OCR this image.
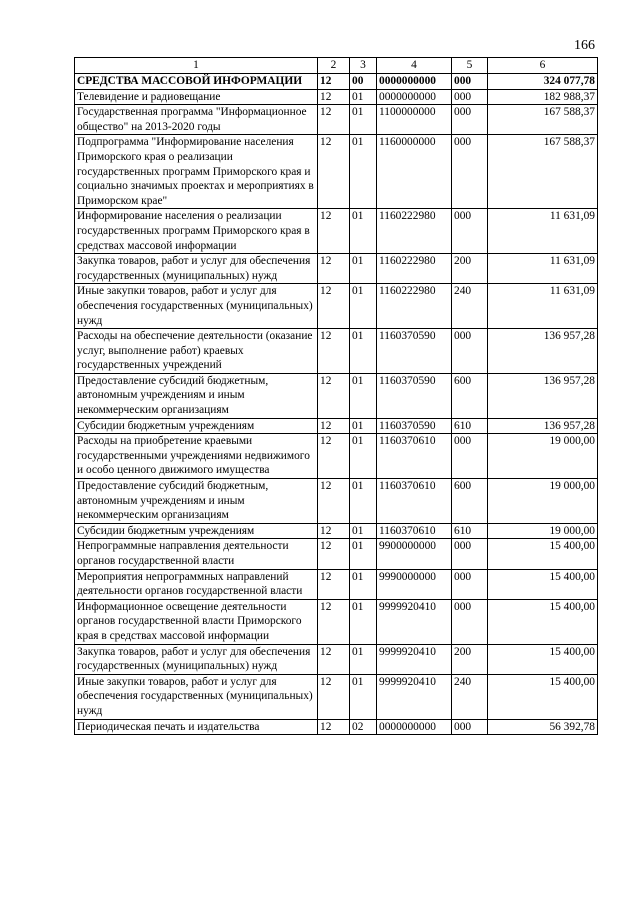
166
1	2	3	4	5	6
СРЕДСТВА МАССОВОЙ ИНФОРМАЦИИ	12	00	0000000000	000	324 077,78
Телевидение и радиовещание	12	01	0000000000	000	182 988,37
Государственная программа "Информационное общество" на 2013-2020 годы	12	01	1100000000	000	167 588,37
Подпрограмма "Информирование населения Приморского края о реализации государственных программ Приморского края и социально значимых проектах и мероприятиях в Приморском крае"	12	01	1160000000	000	167 588,37
Информирование населения о реализации государственных программ Приморского края в средствах массовой информации	12	01	1160222980	000	11 631,09
Закупка товаров, работ и услуг для обеспечения государственных (муниципальных) нужд	12	01	1160222980	200	11 631,09
Иные закупки товаров, работ и услуг для обеспечения государственных (муниципальных) нужд	12	01	1160222980	240	11 631,09
Расходы на обеспечение деятельности (оказание услуг, выполнение работ) краевых государственных учреждений	12	01	1160370590	000	136 957,28
Предоставление субсидий бюджетным, автономным учреждениям и иным некоммерческим организациям	12	01	1160370590	600	136 957,28
Субсидии бюджетным учреждениям	12	01	1160370590	610	136 957,28
Расходы на приобретение краевыми государственными учреждениями недвижимого и особо ценного движимого имущества	12	01	1160370610	000	19 000,00
Предоставление субсидий бюджетным, автономным учреждениям и иным некоммерческим организациям	12	01	1160370610	600	19 000,00
Субсидии бюджетным учреждениям	12	01	1160370610	610	19 000,00
Непрограммные направления деятельности органов государственной власти	12	01	9900000000	000	15 400,00
Мероприятия непрограммных направлений деятельности органов государственной власти	12	01	9990000000	000	15 400,00
Информационное освещение деятельности органов государственной власти Приморского края в средствах массовой информации	12	01	9999920410	000	15 400,00
Закупка товаров, работ и услуг для обеспечения государственных (муниципальных) нужд	12	01	9999920410	200	15 400,00
Иные закупки товаров, работ и услуг для обеспечения государственных (муниципальных) нужд	12	01	9999920410	240	15 400,00
Периодическая печать и издательства	12	02	0000000000	000	56 392,78
